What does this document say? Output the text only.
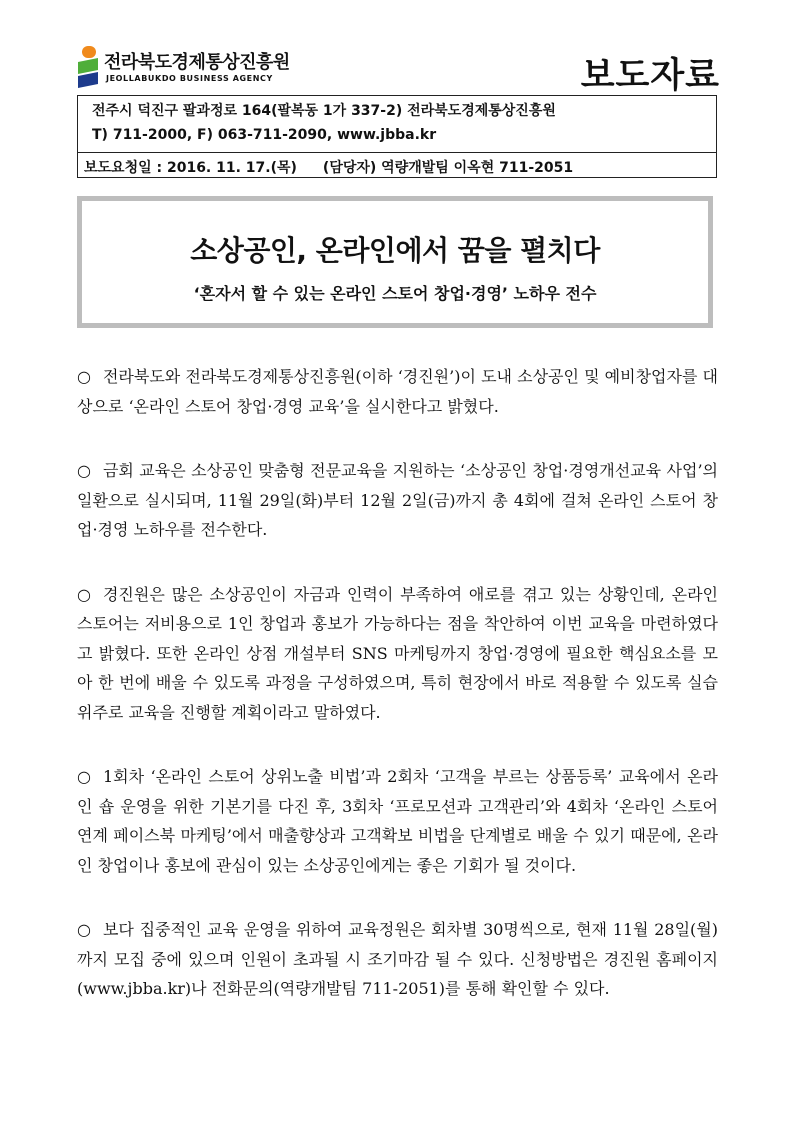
전라북도경제통상진흥원
JEOLLABUKDO BUSINESS AGENCY	보도자료
전주시 덕진구 팔과정로 164(팔복동 1가 337-2) 전라북도경제통상진흥원
T) 711-2000, F) 063-711-2090, www.jbba.kr
보도요청일 : 2016. 11. 17.(목) (담당자) 역량개발팀 이옥현 711-2051
소상공인, 온라인에서 꿈을 펼치다
‘혼자서 할 수 있는 온라인 스토어 창업·경영’ 노하우 전수

○ 전라북도와 전라북도경제통상진흥원(이하 ‘경진원’)이 도내 소상공인 및 예비창업자를 대상으로 ‘온라인 스토어 창업·경영 교육’을 실시한다고 밝혔다.

○ 금회 교육은 소상공인 맞춤형 전문교육을 지원하는 ‘소상공인 창업·경영개선교육 사업’의 일환으로 실시되며, 11월 29일(화)부터 12월 2일(금)까지 총 4회에 걸쳐 온라인 스토어 창업·경영 노하우를 전수한다.

○ 경진원은 많은 소상공인이 자금과 인력이 부족하여 애로를 겪고 있는 상황인데, 온라인 스토어는 저비용으로 1인 창업과 홍보가 가능하다는 점을 착안하여 이번 교육을 마련하였다고 밝혔다. 또한 온라인 상점 개설부터 SNS 마케팅까지 창업·경영에 필요한 핵심요소를 모아 한 번에 배울 수 있도록 과정을 구성하였으며, 특히 현장에서 바로 적용할 수 있도록 실습 위주로 교육을 진행할 계획이라고 말하였다.

○ 1회차 ‘온라인 스토어 상위노출 비법’과 2회차 ‘고객을 부르는 상품등록’ 교육에서 온라인 숍 운영을 위한 기본기를 다진 후, 3회차 ‘프로모션과 고객관리’와 4회차 ‘온라인 스토어 연계 페이스북 마케팅’에서 매출향상과 고객확보 비법을 단계별로 배울 수 있기 때문에, 온라인 창업이나 홍보에 관심이 있는 소상공인에게는 좋은 기회가 될 것이다.

○ 보다 집중적인 교육 운영을 위하여 교육정원은 회차별 30명씩으로, 현재 11월 28일(월)까지 모집 중에 있으며 인원이 초과될 시 조기마감 될 수 있다. 신청방법은 경진원 홈페이지(www.jbba.kr)나 전화문의(역량개발팀 711-2051)를 통해 확인할 수 있다.
